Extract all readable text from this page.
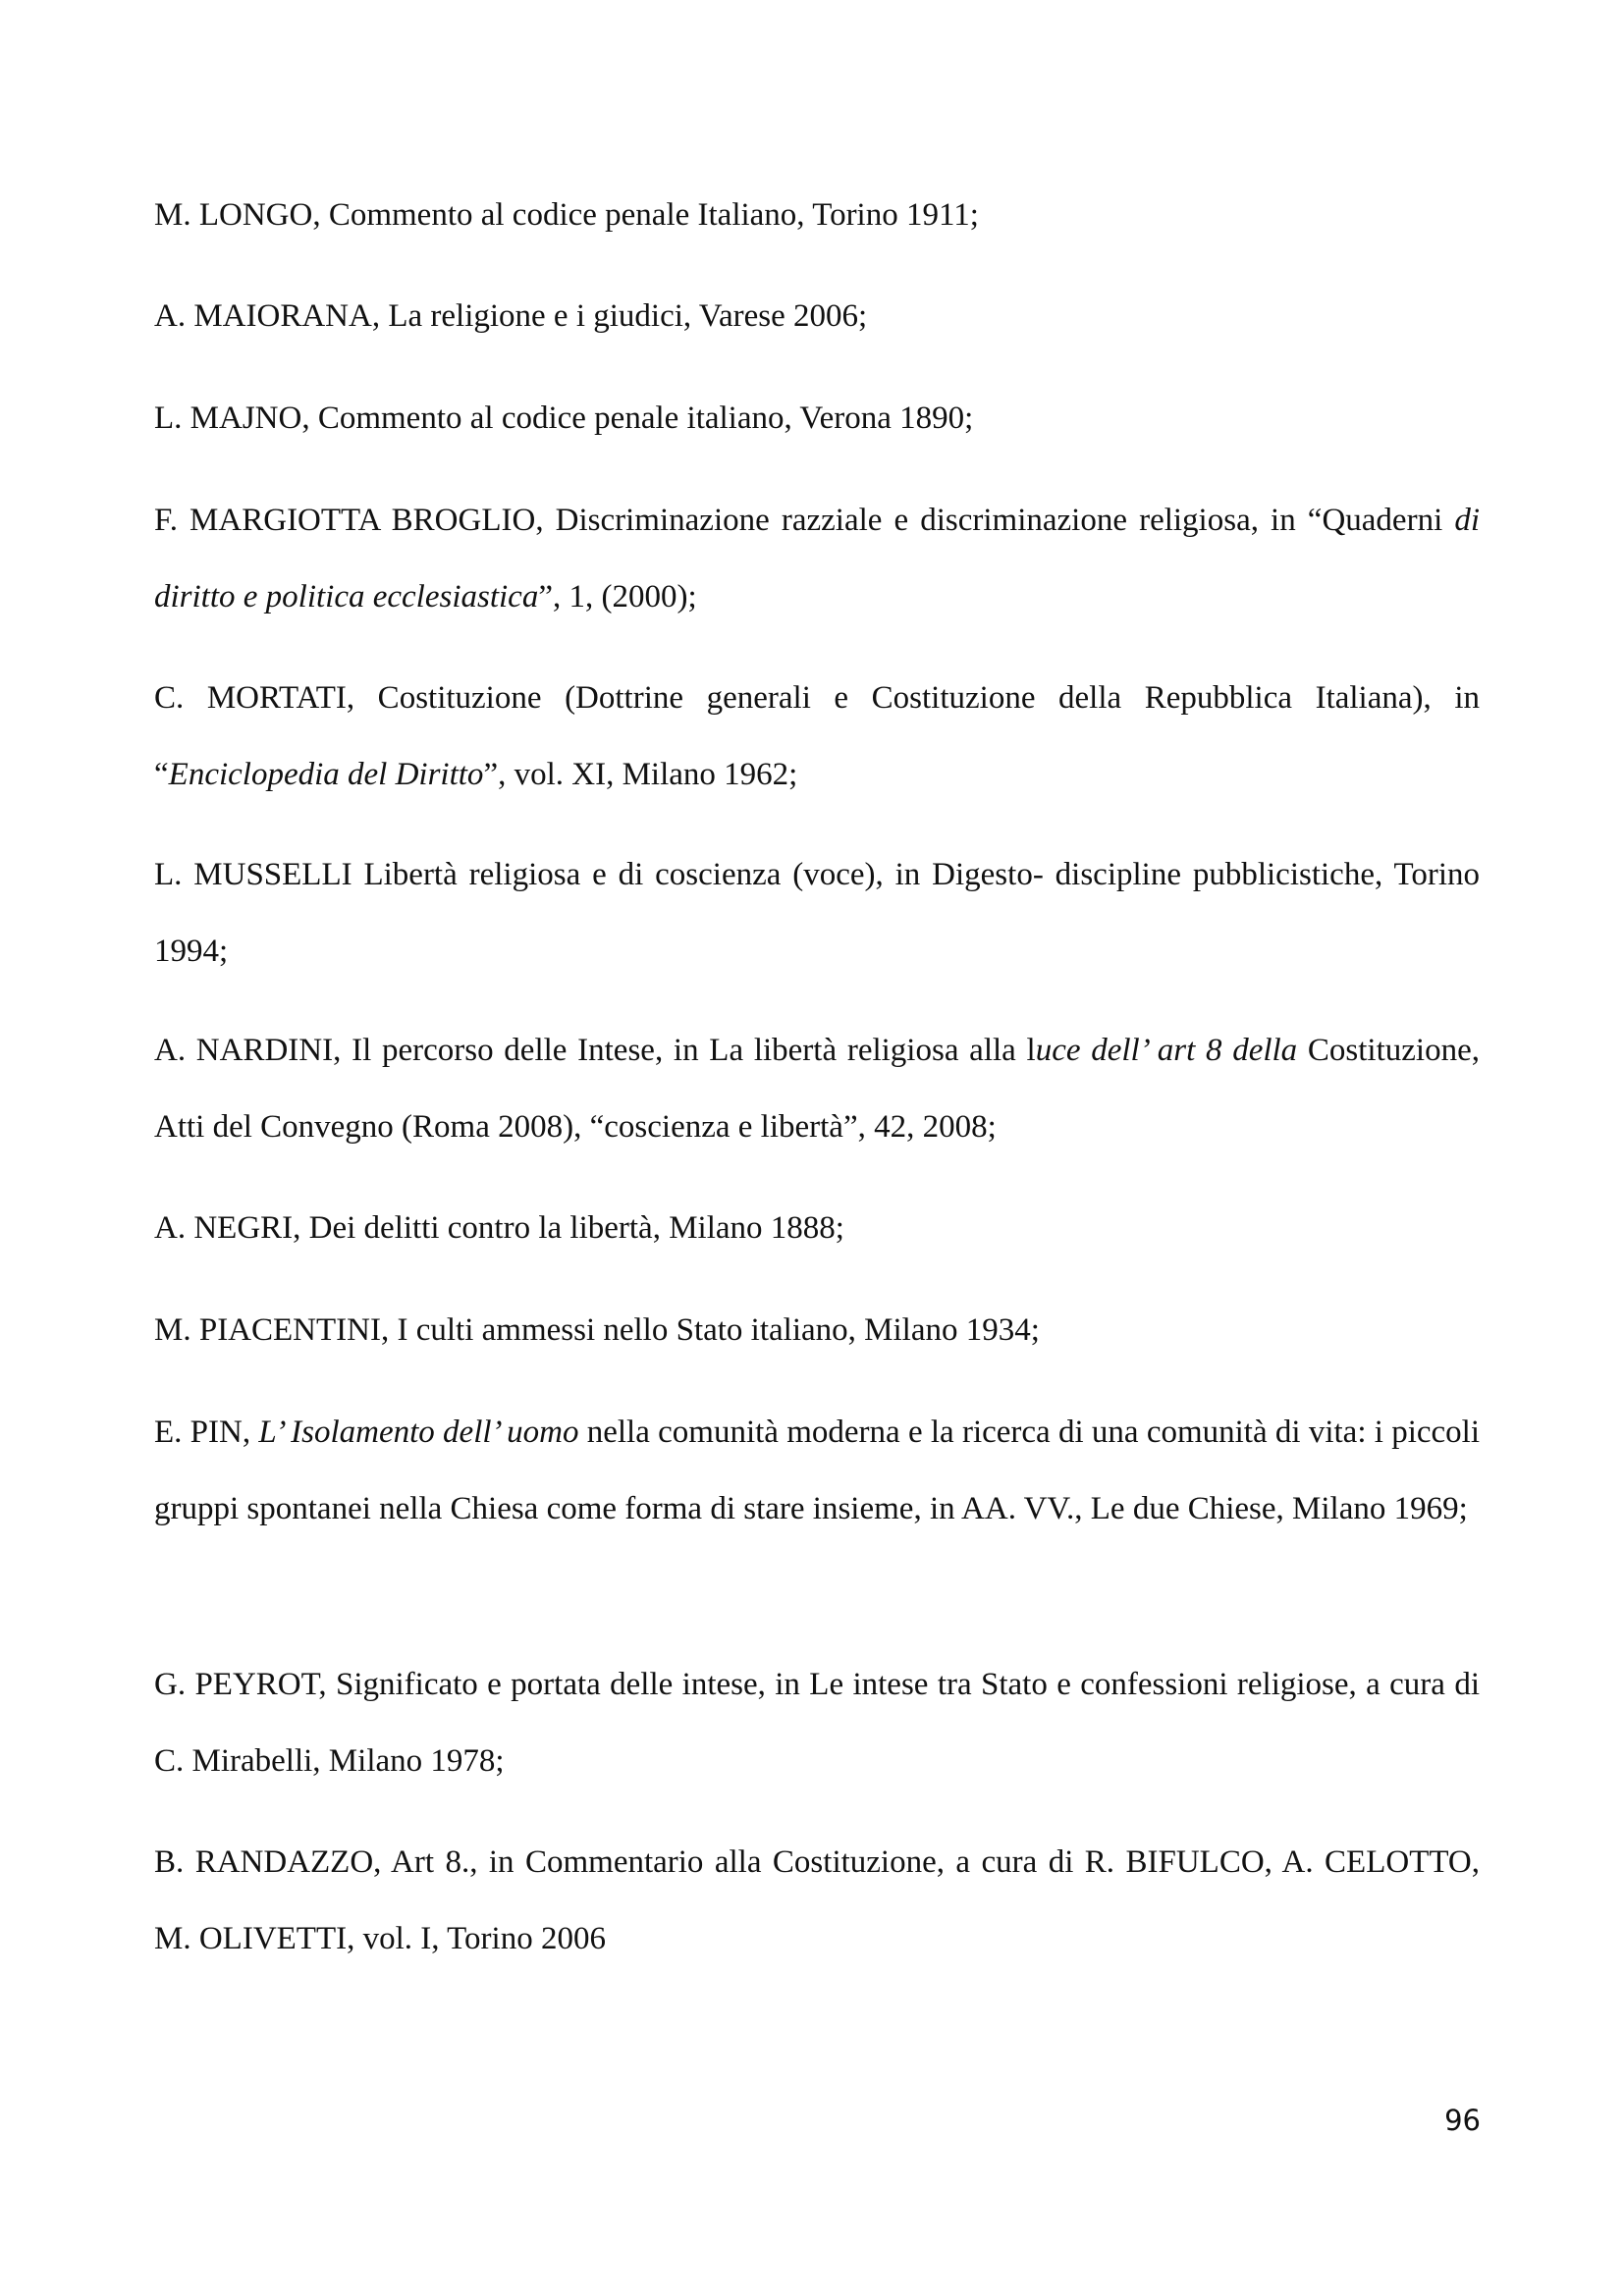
M. LONGO, Commento al codice penale Italiano, Torino 1911;

A. MAIORANA, La religione e i giudici, Varese 2006;

L. MAJNO, Commento al codice penale italiano, Verona 1890;

F. MARGIOTTA BROGLIO, Discriminazione razziale e discriminazione religiosa, in “Quaderni di diritto e politica ecclesiastica”, 1, (2000);

C. MORTATI, Costituzione (Dottrine generali e Costituzione della Repubblica Italiana), in “Enciclopedia del Diritto”, vol. XI, Milano 1962;

L. MUSSELLI Libertà religiosa e di coscienza (voce), in Digesto- discipline pubblicistiche, Torino 1994;

A. NARDINI, Il percorso delle Intese, in La libertà religiosa alla luce dell’ art 8 della Costituzione, Atti del Convegno (Roma 2008), “coscienza e libertà”, 42, 2008;

A. NEGRI, Dei delitti contro la libertà, Milano 1888;

M. PIACENTINI, I culti ammessi nello Stato italiano, Milano 1934;

E. PIN, L’ Isolamento dell’ uomo nella comunità moderna e la ricerca di una comunità di vita: i piccoli gruppi spontanei nella Chiesa come forma di stare insieme, in AA. VV., Le due Chiese, Milano 1969;

G. PEYROT, Significato e portata delle intese, in Le intese tra Stato e confessioni religiose, a cura di C. Mirabelli, Milano 1978;

B. RANDAZZO, Art 8., in Commentario alla Costituzione, a cura di R. BIFULCO, A. CELOTTO, M. OLIVETTI, vol. I, Torino 2006

96
